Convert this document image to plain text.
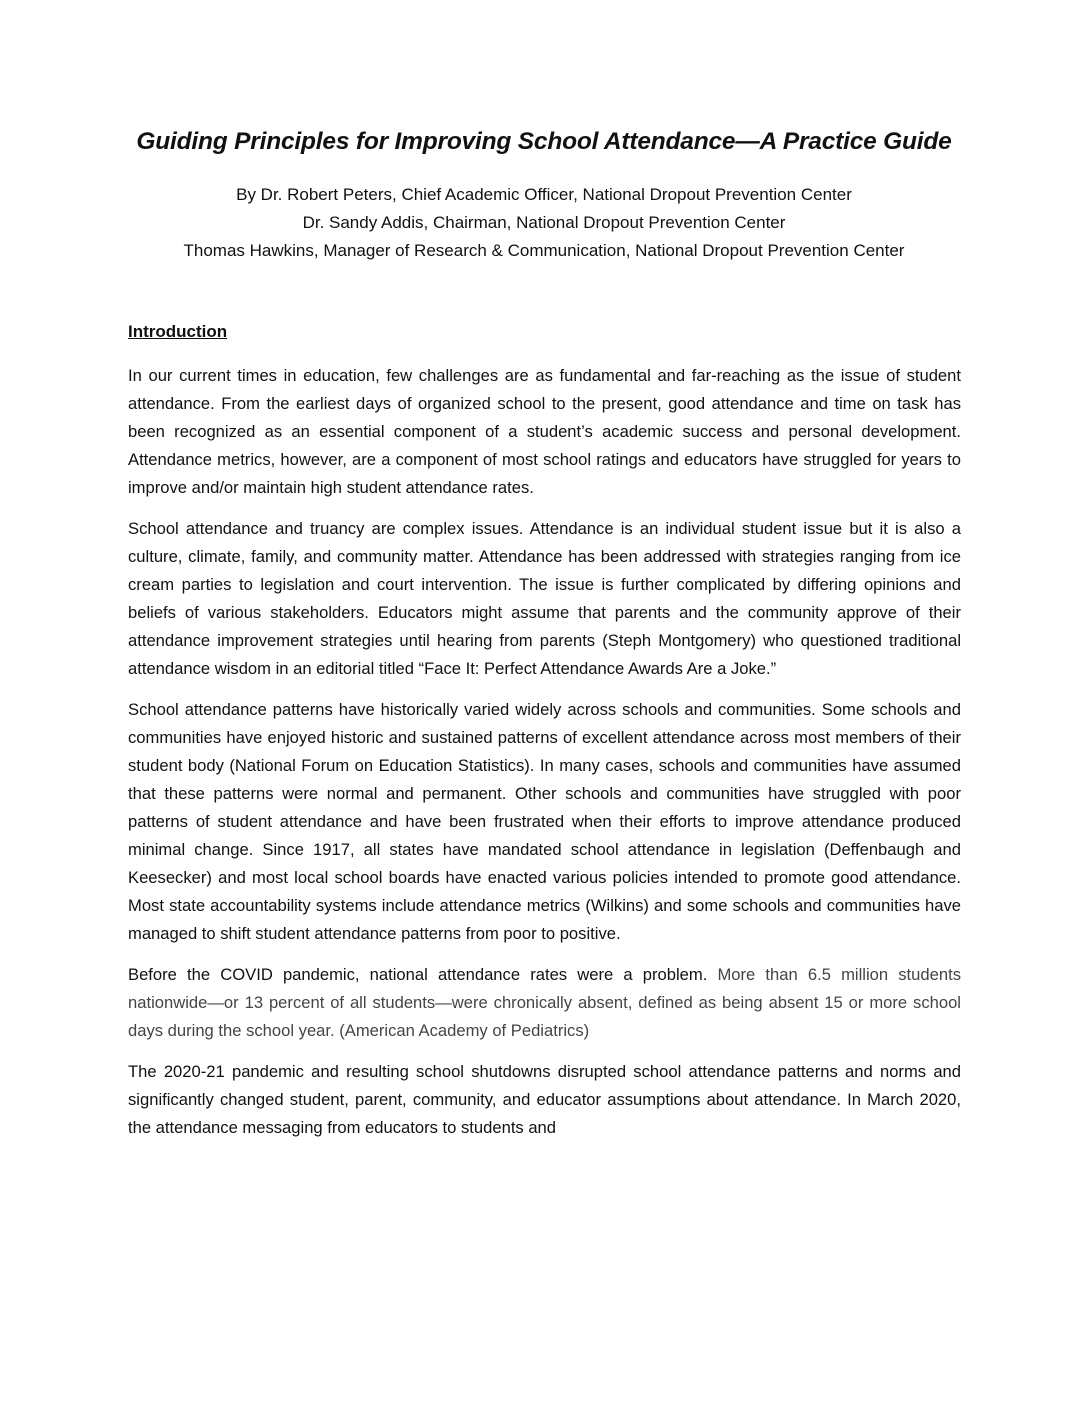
Guiding Principles for Improving School Attendance—A Practice Guide
By Dr. Robert Peters, Chief Academic Officer, National Dropout Prevention Center
Dr. Sandy Addis, Chairman, National Dropout Prevention Center
Thomas Hawkins, Manager of Research & Communication, National Dropout Prevention Center
Introduction

In our current times in education, few challenges are as fundamental and far-reaching as the issue of student attendance. From the earliest days of organized school to the present, good attendance and time on task has been recognized as an essential component of a student’s academic success and personal development. Attendance metrics, however, are a component of most school ratings and educators have struggled for years to improve and/or maintain high student attendance rates.

School attendance and truancy are complex issues. Attendance is an individual student issue but it is also a culture, climate, family, and community matter. Attendance has been addressed with strategies ranging from ice cream parties to legislation and court intervention. The issue is further complicated by differing opinions and beliefs of various stakeholders. Educators might assume that parents and the community approve of their attendance improvement strategies until hearing from parents (Steph Montgomery) who questioned traditional attendance wisdom in an editorial titled “Face It: Perfect Attendance Awards Are a Joke.”

School attendance patterns have historically varied widely across schools and communities. Some schools and communities have enjoyed historic and sustained patterns of excellent attendance across most members of their student body (National Forum on Education Statistics). In many cases, schools and communities have assumed that these patterns were normal and permanent. Other schools and communities have struggled with poor patterns of student attendance and have been frustrated when their efforts to improve attendance produced minimal change. Since 1917, all states have mandated school attendance in legislation (Deffenbaugh and Keesecker) and most local school boards have enacted various policies intended to promote good attendance. Most state accountability systems include attendance metrics (Wilkins) and some schools and communities have managed to shift student attendance patterns from poor to positive.

Before the COVID pandemic, national attendance rates were a problem. More than 6.5 million students nationwide—or 13 percent of all students—were chronically absent, defined as being absent 15 or more school days during the school year. (American Academy of Pediatrics)

The 2020-21 pandemic and resulting school shutdowns disrupted school attendance patterns and norms and significantly changed student, parent, community, and educator assumptions about attendance. In March 2020, the attendance messaging from educators to students and
